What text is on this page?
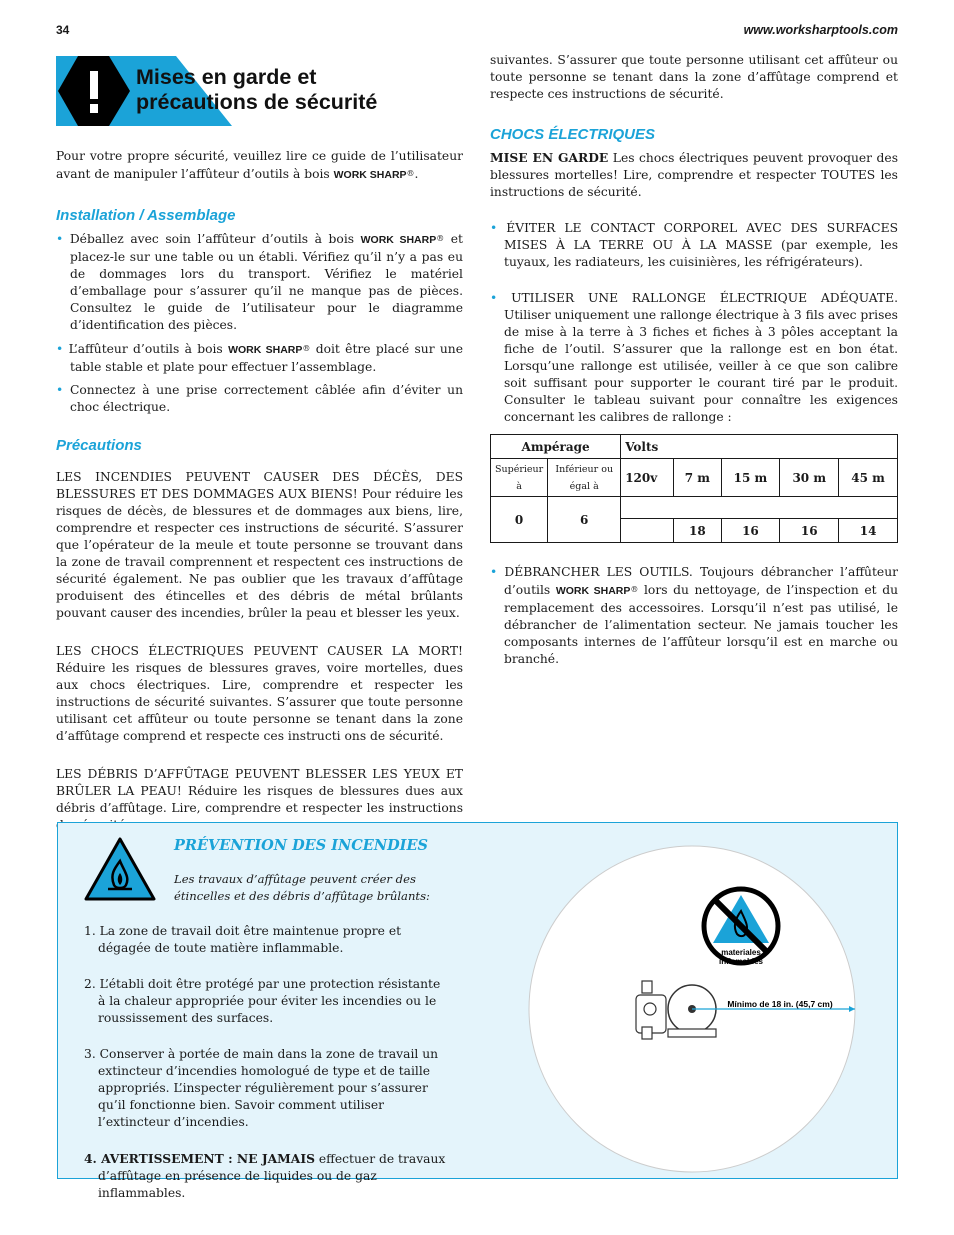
34	www.worksharptools.com
Mises en garde et
précautions de sécurité

Pour votre propre sécurité, veuillez lire ce guide de l’utilisateur avant de manipuler l’affûteur d’outils à bois WORK SHARP®.

Installation / Assemblage

• Déballez avec soin l’affûteur d’outils à bois WORK SHARP® et placez-le sur une table ou un établi. Vérifiez qu’il n’y a pas eu de dommages lors du transport. Vérifiez le matériel d’emballage pour s’assurer qu’il ne manque pas de pièces. Consultez le guide de l’utilisateur pour le diagramme d’identification des pièces.

• L’affûteur d’outils à bois WORK SHARP® doit être placé sur une table stable et plate pour effectuer l’assemblage.

• Connectez à une prise correctement câblée afin d’éviter un choc électrique.

Précautions

LES INCENDIES PEUVENT CAUSER DES DÉCÈS, DES BLESSURES ET DES DOMMAGES AUX BIENS! Pour réduire les risques de décès, de blessures et de dommages aux biens, lire, comprendre et respecter ces instructions de sécurité. S’assurer que l’opérateur de la meule et toute personne se trouvant dans la zone de travail comprennent et respectent ces instructions de sécurité également. Ne pas oublier que les travaux d’affûtage produisent des étincelles et des débris de métal brûlants pouvant causer des incendies, brûler la peau et blesser les yeux.

LES CHOCS ÉLECTRIQUES PEUVENT CAUSER LA MORT! Réduire les risques de blessures graves, voire mortelles, dues aux chocs électriques. Lire, comprendre et respecter les instructions de sécurité suivantes. S’assurer que toute personne utilisant cet affûteur ou toute personne se tenant dans la zone d’affûtage comprend et respecte ces instructi ons de sécurité.

LES DÉBRIS D’AFFÛTAGE PEUVENT BLESSER LES YEUX ET BRÛLER LA PEAU! Réduire les risques de blessures dues aux débris d’affûtage. Lire, comprendre et respecter les instructions

suivantes. S’assurer que toute personne utilisant cet affûteur ou toute personne se tenant dans la zone d’affûtage comprend et respecte ces instructions de sécurité.

CHOCS ÉLECTRIQUES

MISE EN GARDE Les chocs électriques peuvent provoquer des blessures mortelles! Lire, comprendre et respecter TOUTES les instructions de sécurité.

• ÉVITER LE CONTACT CORPOREL AVEC DES SURFACES MISES À LA TERRE OU À LA MASSE (par exemple, les tuyaux, les radiateurs, les cuisinières, les réfrigérateurs).

• UTILISER UNE RALLONGE ÉLECTRIQUE ADÉQUATE. Utiliser uniquement une rallonge électrique à 3 fils avec prises de mise à la terre à 3 fiches et fiches à 3 pôles acceptant la fiche de l’outil. S’assurer que la rallonge est en bon état. Lorsqu’une rallonge est utilisée, veiller à ce que son calibre soit suffisant pour supporter le courant tiré par le produit. Consulter le tableau suivant pour connaître les exigences concernant les calibres de rallonge :

Ampérage		Volts				
Supérieur à	Inférieur ou égal à	120v	7 m	15 m	30 m	45 m
0	6					
			18	16	16	14

• DÉBRANCHER LES OUTILS. Toujours débrancher l’affûteur d’outils WORK SHARP® lors du nettoyage, de l’inspection et du remplacement des accessoires. Lorsqu’il n’est pas utilisé, le débrancher de l’alimentation secteur. Ne jamais toucher les composants internes de l’affûteur lorsqu’il est en marche ou branché.

PRÉVENTION DES INCENDIES

Les travaux d’affûtage peuvent créer des étincelles et des débris d’affûtage brûlants:

1. La zone de travail doit être maintenue propre et dégagée de toute matière inflammable.
2. L’établi doit être protégé par une protection résistante à la chaleur appropriée pour éviter les incendies ou le roussissement des surfaces.
3. Conserver à portée de main dans la zone de travail un extincteur d’incendies homologué de type et de taille appropriés. L’inspecter régulièrement pour s’assurer qu’il fonctionne bien. Savoir comment utiliser l’extincteur d’incendies.
4. AVERTISSEMENT : NE JAMAIS effectuer de travaux d’affûtage en présence de liquides ou de gaz inflammables.
materiales
inflamables
Mínimo de 18 in. (45,7 cm)
